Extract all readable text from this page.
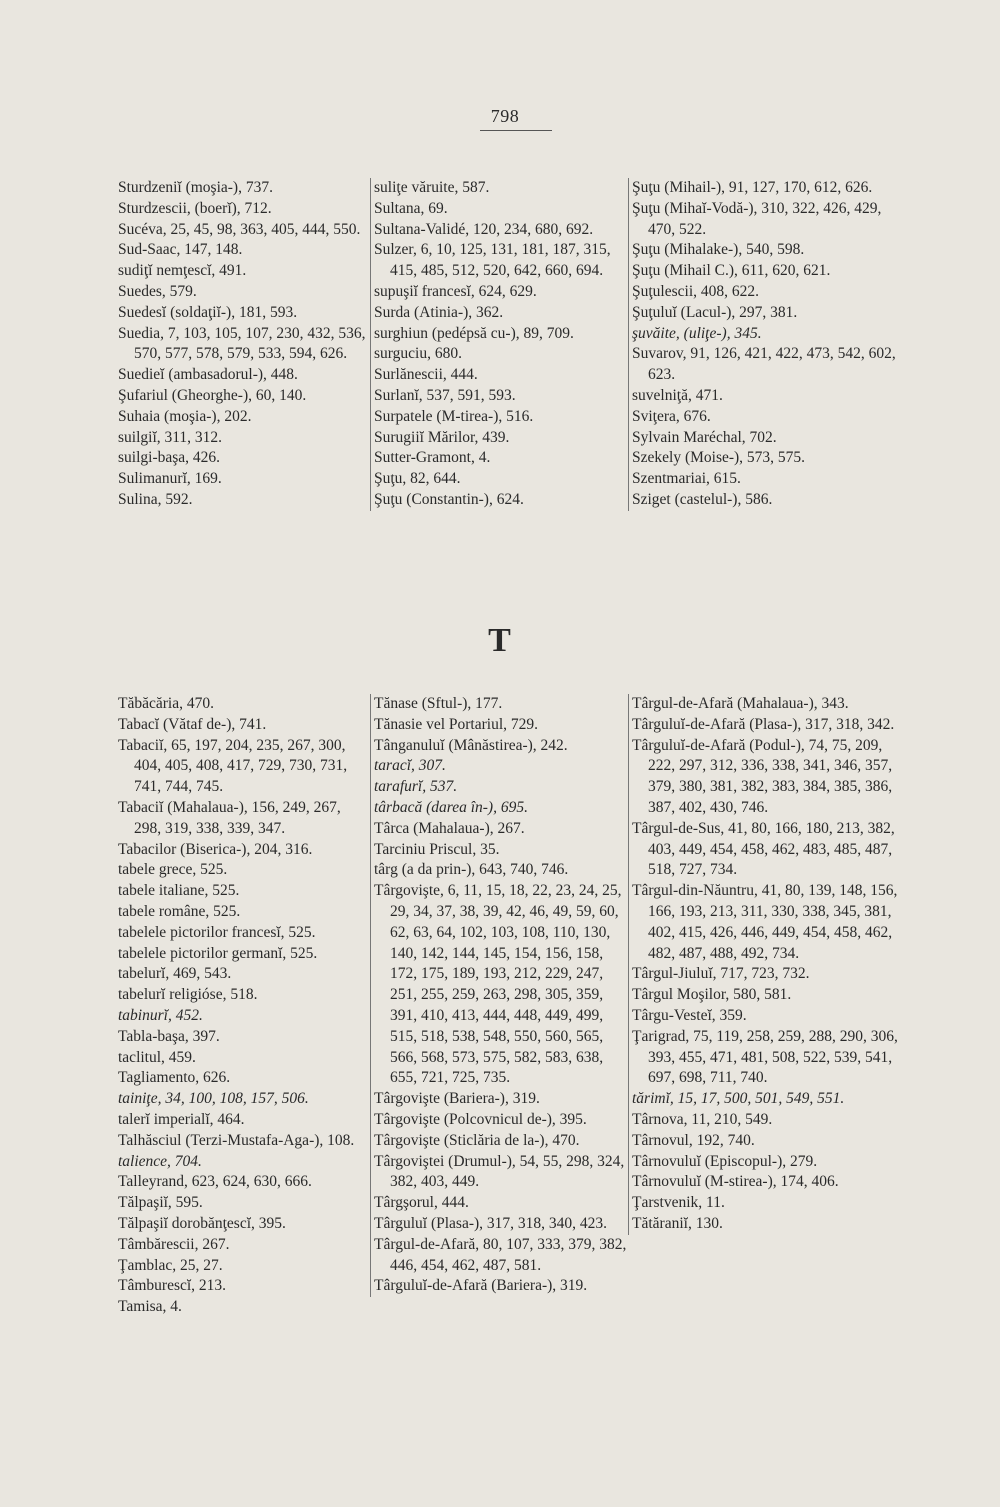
798
Sturdzeniĭ (moşia-), 737.
Sturdzescii, (boerĭ), 712.
Sucéva, 25, 45, 98, 363, 405, 444, 550.
Sud-Saac, 147, 148.
sudiţĭ nemţescĭ, 491.
Suedes, 579.
Suedesĭ (soldaţiĭ-), 181, 593.
Suedia, 7, 103, 105, 107, 230, 432, 536, 570, 577, 578, 579, 533, 594, 626.
Suedieĭ (ambasadorul-), 448.
Şufariul (Gheorghe-), 60, 140.
Suhaia (moşia-), 202.
suilgiĭ, 311, 312.
suilgi-başa, 426.
Sulimanurĭ, 169.
Sulina, 592.
suliţe văruite, 587.
Sultana, 69.
Sultana-Validé, 120, 234, 680, 692.
Sulzer, 6, 10, 125, 131, 181, 187, 315, 415, 485, 512, 520, 642, 660, 694.
supuşiĭ francesĭ, 624, 629.
Surda (Atinia-), 362.
surghiun (pedépsă cu-), 89, 709.
surguciu, 680.
Surlănescii, 444.
Surlanĭ, 537, 591, 593.
Surpatele (M-tirea-), 516.
Surugiiĭ Mărilor, 439.
Sutter-Gramont, 4.
Şuţu, 82, 644.
Şuţu (Constantin-), 624.
Şuţu (Mihail-), 91, 127, 170, 612, 626.
Şuţu (Mihaĭ-Vodă-), 310, 322, 426, 429, 470, 522.
Şuţu (Mihalake-), 540, 598.
Şuţu (Mihail C.), 611, 620, 621.
Şuţulescii, 408, 622.
Şuţuluĭ (Lacul-), 297, 381.
şuvăite, (uliţe-), 345.
Suvarov, 91, 126, 421, 422, 473, 542, 602, 623.
suvelniţă, 471.
Sviţera, 676.
Sylvain Maréchal, 702.
Szekely (Moise-), 573, 575.
Szentmariai, 615.
Sziget (castelul-), 586.
T
Tăbăcăria, 470.
Tabacĭ (Vătaf de-), 741.
Tabaciĭ, 65, 197, 204, 235, 267, 300, 404, 405, 408, 417, 729, 730, 731, 741, 744, 745.
Tabaciĭ (Mahalaua-), 156, 249, 267, 298, 319, 338, 339, 347.
Tabacilor (Biserica-), 204, 316.
tabele grece, 525.
tabele italiane, 525.
tabele române, 525.
tabelele pictorilor francesĭ, 525.
tabelele pictorilor germanĭ, 525.
tabelurĭ, 469, 543.
tabelurĭ religióse, 518.
tabinurĭ, 452.
Tabla-başa, 397.
taclitul, 459.
Tagliamento, 626.
tainiţe, 34, 100, 108, 157, 506.
talerĭ imperialĭ, 464.
Talhăsciul (Terzi-Mustafa-Aga-), 108.
talience, 704.
Talleyrand, 623, 624, 630, 666.
Tălpaşiĭ, 595.
Tălpaşiĭ dorobănţescĭ, 395.
Tâmbărescii, 267.
Ţamblac, 25, 27.
Tâmburescĭ, 213.
Tamisa, 4.
Tănase (Sftul-), 177.
Tănasie vel Portariul, 729.
Tânganuluĭ (Mânăstirea-), 242.
taracĭ, 307.
tarafurĭ, 537.
târbacă (darea în-), 695.
Târca (Mahalaua-), 267.
Tarciniu Priscul, 35.
târg (a da prin-), 643, 740, 746.
Târgovişte, 6, 11, 15, 18, 22, 23, 24, 25, 29, 34, 37, 38, 39, 42, 46, 49, 59, 60, 62, 63, 64, 102, 103, 108, 110, 130, 140, 142, 144, 145, 154, 156, 158, 172, 175, 189, 193, 212, 229, 247, 251, 255, 259, 263, 298, 305, 359, 391, 410, 413, 444, 448, 449, 499, 515, 518, 538, 548, 550, 560, 565, 566, 568, 573, 575, 582, 583, 638, 655, 721, 725, 735.
Târgovişte (Bariera-), 319.
Târgovişte (Polcovnicul de-), 395.
Târgovişte (Sticlăria de la-), 470.
Târgoviştei (Drumul-), 54, 55, 298, 324, 382, 403, 449.
Târgşorul, 444.
Târguluĭ (Plasa-), 317, 318, 340, 423.
Târgul-de-Afară, 80, 107, 333, 379, 382, 446, 454, 462, 487, 581.
Târguluĭ-de-Afară (Bariera-), 319.
Târgul-de-Afară (Mahalaua-), 343.
Târguluĭ-de-Afară (Plasa-), 317, 318, 342.
Târguluĭ-de-Afară (Podul-), 74, 75, 209, 222, 297, 312, 336, 338, 341, 346, 357, 379, 380, 381, 382, 383, 384, 385, 386, 387, 402, 430, 746.
Târgul-de-Sus, 41, 80, 166, 180, 213, 382, 403, 449, 454, 458, 462, 483, 485, 487, 518, 727, 734.
Târgul-din-Năuntru, 41, 80, 139, 148, 156, 166, 193, 213, 311, 330, 338, 345, 381, 402, 415, 426, 446, 449, 454, 458, 462, 482, 487, 488, 492, 734.
Târgul-Jiuluĭ, 717, 723, 732.
Târgul Moşilor, 580, 581.
Târgu-Vesteĭ, 359.
Ţarigrad, 75, 119, 258, 259, 288, 290, 306, 393, 455, 471, 481, 508, 522, 539, 541, 697, 698, 711, 740.
tărimĭ, 15, 17, 500, 501, 549, 551.
Târnova, 11, 210, 549.
Târnovul, 192, 740.
Târnovuluĭ (Episcopul-), 279.
Târnovuluĭ (M-stirea-), 174, 406.
Ţarstvenik, 11.
Tătăraniĭ, 130.
